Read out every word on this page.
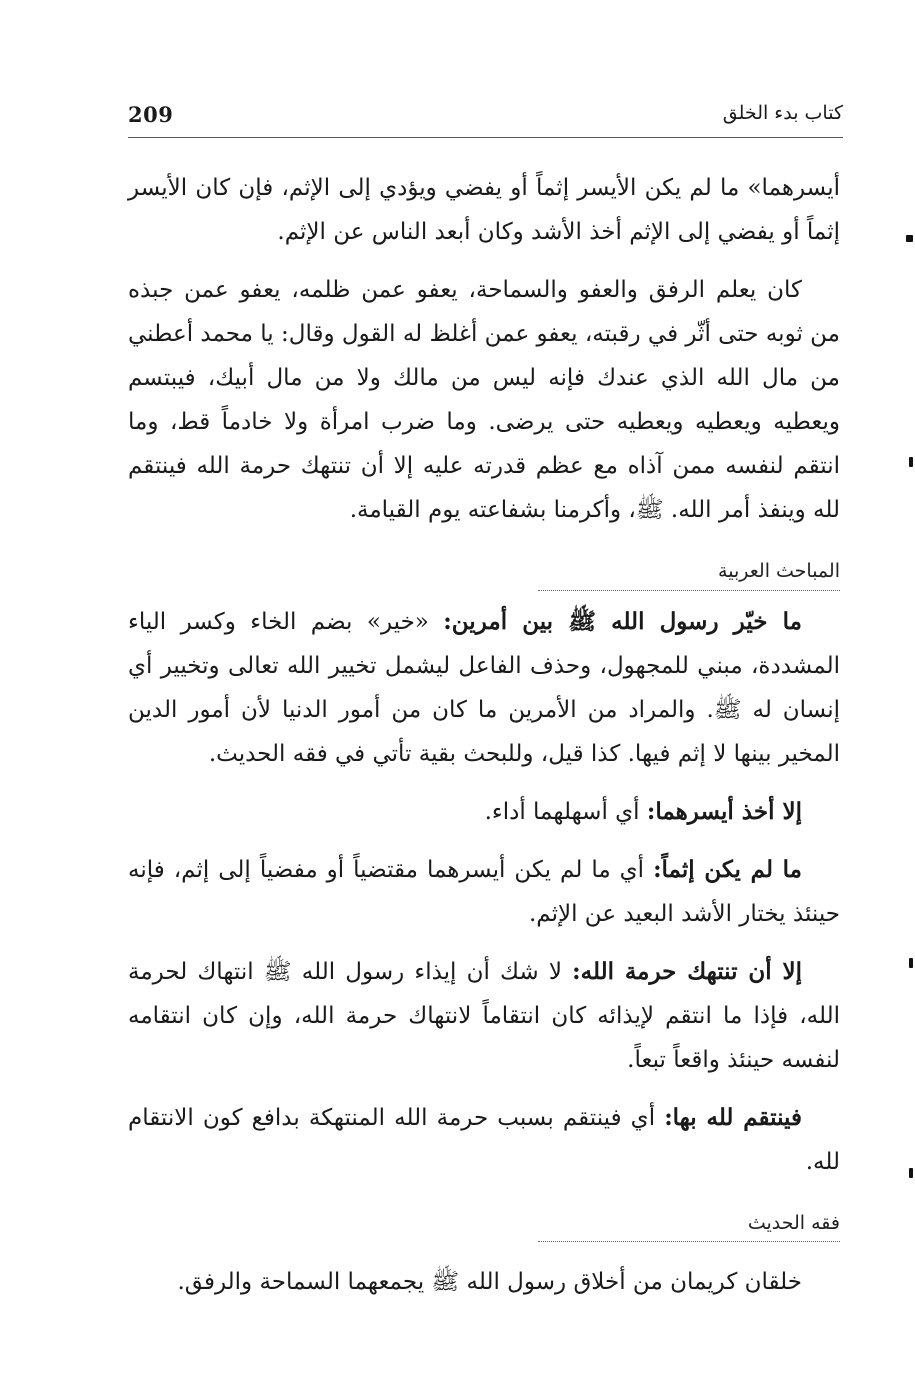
209	كتاب بدء الخلق

أيسرهما» ما لم يكن الأيسر إثماً أو يفضي ويؤدي إلى الإثم، فإن كان الأيسر إثماً أو يفضي إلى الإثم أخذ الأشد وكان أبعد الناس عن الإثم.

كان يعلم الرفق والعفو والسماحة، يعفو عمن ظلمه، يعفو عمن جبذه من ثوبه حتى أثّر في رقبته، يعفو عمن أغلظ له القول وقال: يا محمد أعطني من مال الله الذي عندك فإنه ليس من مالك ولا من مال أبيك، فيبتسم ويعطيه ويعطيه ويعطيه حتى يرضى. وما ضرب امرأة ولا خادماً قط، وما انتقم لنفسه ممن آذاه مع عظم قدرته عليه إلا أن تنتهك حرمة الله فينتقم لله وينفذ أمر الله. ﷺ، وأكرمنا بشفاعته يوم القيامة.

المباحث العربية

ما خيّر رسول الله ﷺ بين أمرين: «خير» بضم الخاء وكسر الياء المشددة، مبني للمجهول، وحذف الفاعل ليشمل تخيير الله تعالى وتخيير أي إنسان له ﷺ. والمراد من الأمرين ما كان من أمور الدنيا لأن أمور الدين المخير بينها لا إثم فيها. كذا قيل، وللبحث بقية تأتي في فقه الحديث.

إلا أخذ أيسرهما: أي أسهلهما أداء.

ما لم يكن إثماً: أي ما لم يكن أيسرهما مقتضياً أو مفضياً إلى إثم، فإنه حينئذ يختار الأشد البعيد عن الإثم.

إلا أن تنتهك حرمة الله: لا شك أن إيذاء رسول الله ﷺ انتهاك لحرمة الله، فإذا ما انتقم لإيذائه كان انتقاماً لانتهاك حرمة الله، وإن كان انتقامه لنفسه حينئذ واقعاً تبعاً.

فينتقم لله بها: أي فينتقم بسبب حرمة الله المنتهكة بدافع كون الانتقام لله.

فقه الحديث

خلقان كريمان من أخلاق رسول الله ﷺ يجمعهما السماحة والرفق.
